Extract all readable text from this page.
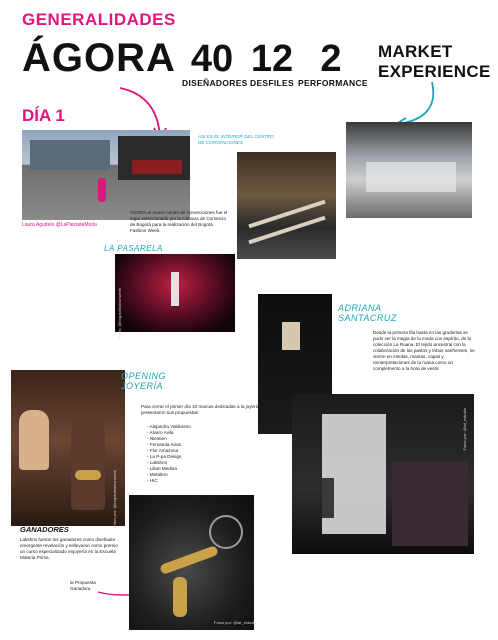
GENERALIDADES
ÁGORA 40
DISEÑADORES
12
DESFILES
2
PERFORMANCE
MARKET
EXPERIENCE
DÍA 1
Laura Agudelo @LaPiezadeModa
ÁGORA el nuevo centro de convenciones fue el lugar seleccionado por la Cámara de Comercio de Bogotá para la realización del Bogotá Fashion Week.
ASÍ ES EL INTERIOR DEL CENTRO DE CONVENCIONES
LA PASARELA
Fotos: @bogotafashionweek	ADRIANA
SANTACRUZ
Desde la primera fila hasta en las graderías se pudo ver la magia de la moda con espíritu, de la colección La Ruana. El tejido ancestral con la colaboración de los pastos y tribus nariñenses, se vieron en estolas, mantas, capas y reinterpretaciones de la ruana como un complemento a la hora de vestir.
Fotos por: @laf_estudio
Fotos por: @bogotafashionweek
OPENING
JOYERÍA
Para cerrar el primer día 10 marcas dedicadas a la joyería presentaron sus propuestas
- Alejandra Valdivieso
- Alvaro Avila
- Nientien
- Fernanda Arias
- Flor Amazona
- La P-pa Design
- Lakshmi
- Lilian Medina
- Metalero
- HIC
GANADORES
Lakshmi fueron los ganadores como diseñador emergente revelación y sellevaron como premio un curso especializado enjoyería en la Escuela Materia Prima.
la Propuesta
Ganadora
Fotos por: @laf_estudio
